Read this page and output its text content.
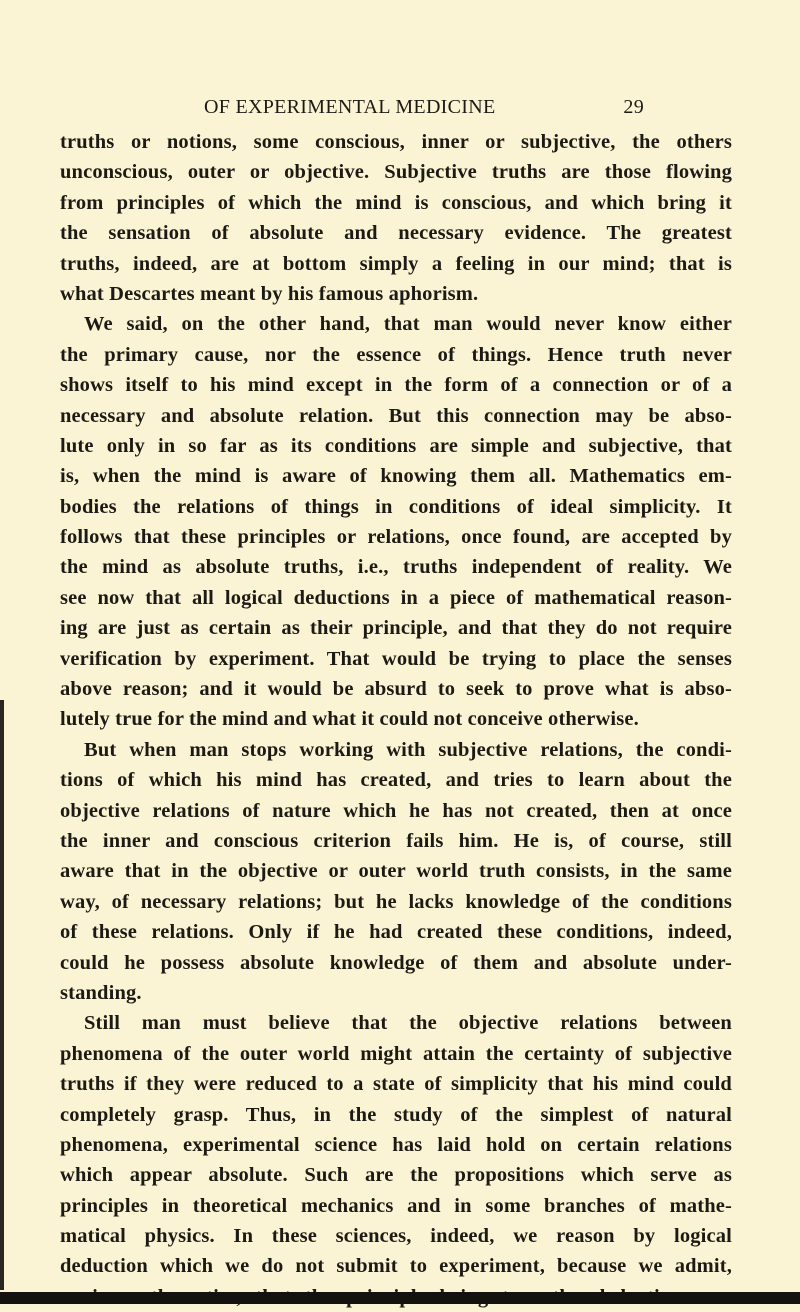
OF EXPERIMENTAL MEDICINE	29
truths or notions, some conscious, inner or subjective, the others
unconscious, outer or objective. Subjective truths are those flowing
from principles of which the mind is conscious, and which bring it
the sensation of absolute and necessary evidence. The greatest
truths, indeed, are at bottom simply a feeling in our mind; that is
what Descartes meant by his famous aphorism.
We said, on the other hand, that man would never know either
the primary cause, nor the essence of things. Hence truth never
shows itself to his mind except in the form of a connection or of a
necessary and absolute relation. But this connection may be abso-
lute only in so far as its conditions are simple and subjective, that
is, when the mind is aware of knowing them all. Mathematics em-
bodies the relations of things in conditions of ideal simplicity. It
follows that these principles or relations, once found, are accepted by
the mind as absolute truths, i.e., truths independent of reality. We
see now that all logical deductions in a piece of mathematical reason-
ing are just as certain as their principle, and that they do not require
verification by experiment. That would be trying to place the senses
above reason; and it would be absurd to seek to prove what is abso-
lutely true for the mind and what it could not conceive otherwise.
But when man stops working with subjective relations, the condi-
tions of which his mind has created, and tries to learn about the
objective relations of nature which he has not created, then at once
the inner and conscious criterion fails him. He is, of course, still
aware that in the objective or outer world truth consists, in the same
way, of necessary relations; but he lacks knowledge of the conditions
of these relations. Only if he had created these conditions, indeed,
could he possess absolute knowledge of them and absolute under-
standing.
Still man must believe that the objective relations between
phenomena of the outer world might attain the certainty of subjective
truths if they were reduced to a state of simplicity that his mind could
completely grasp. Thus, in the study of the simplest of natural
phenomena, experimental science has laid hold on certain relations
which appear absolute. Such are the propositions which serve as
principles in theoretical mechanics and in some branches of mathe-
matical physics. In these sciences, indeed, we reason by logical
deduction which we do not submit to experiment, because we admit,
